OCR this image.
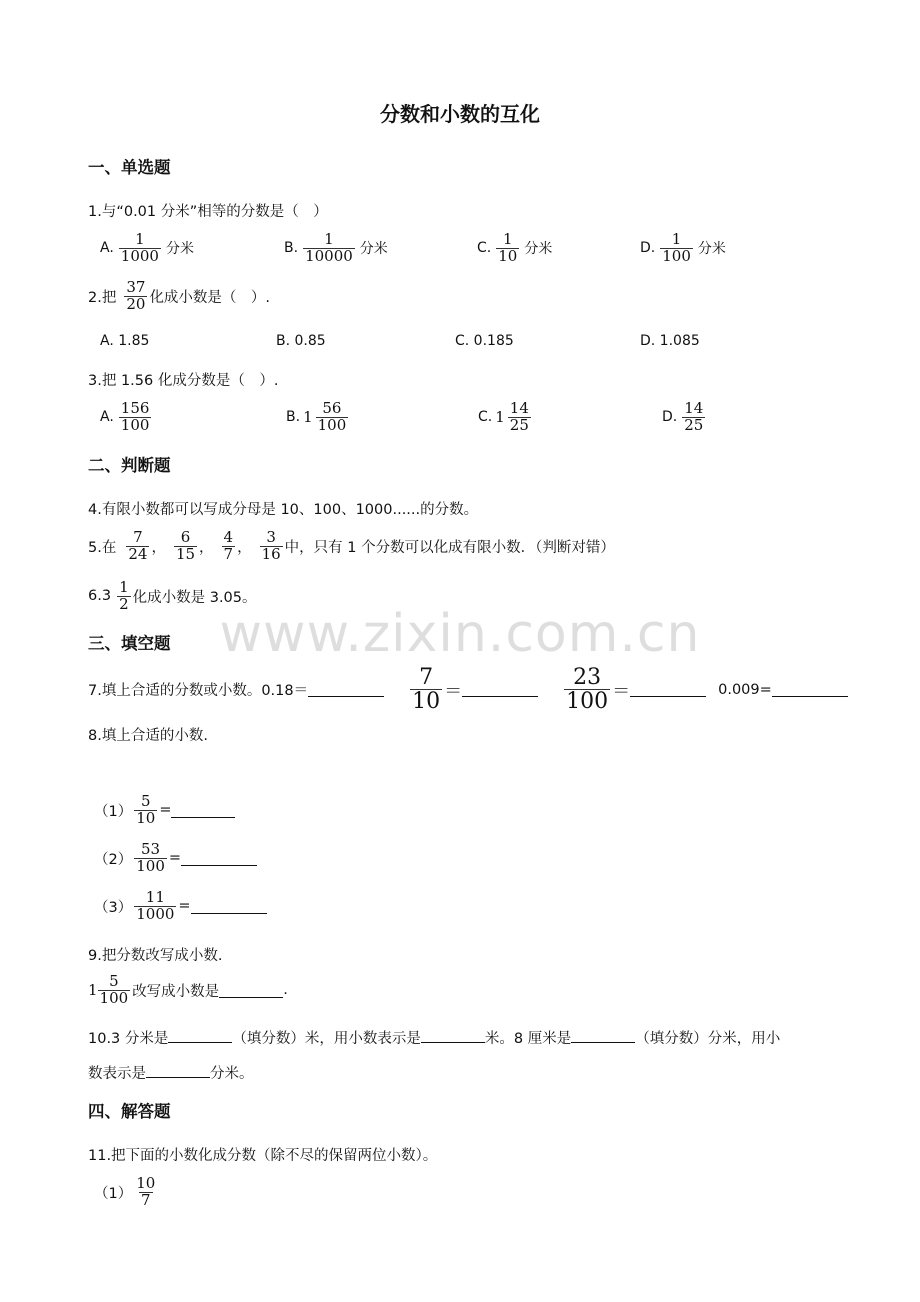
www.zixin.com.cn
分数和小数的互化
一、单选题
1.与“0.01 分米”相等的分数是（　）
A. $\frac{1}{1000}$ 分米	B. $\frac{1}{10000}$ 分米	C. $\frac{1}{10}$ 分米	D. $\frac{1}{100}$ 分米
2.把 $\frac{37}{20}$ 化成小数是（　）.
A. 1.85	B. 0.85	C. 0.185	D. 1.085
3.把 1.56 化成分数是（　）.
A. $\frac{156}{100}$	B. $1 \frac{56}{100}$	C. $1 \frac{14}{25}$	D. $\frac{14}{25}$
二、判断题
4.有限小数都可以写成分母是 10、100、1000......的分数。
5.在 $\frac{7}{24}$ ， $\frac{6}{15}$ ， $\frac{4}{7}$ ， $\frac{3}{16}$ 中，只有 1 个分数可以化成有限小数．（判断对错）
$6.3 \frac{1}{2}$ 化成小数是 3.05。
三、填空题
7.填上合适的分数或小数。0.18＝	$\frac{7}{10}$ ＝	$\frac{23}{100}$ ＝	0.009=
8.填上合适的小数.
$(1) \frac{5}{10}$ =
$(2) \frac{53}{100}$ =
$(3) \frac{11}{1000}$ =
9.把分数改写成小数.
$1 \frac{5}{100}$ 改写成小数是	.
10.3 分米是	（填分数）米，用小数表示是	米。8 厘米是	（填分数）分米，用小
数表示是	分米。
四、解答题
11.把下面的小数化成分数（除不尽的保留两位小数）。
$(1) \frac{10}{7}$
